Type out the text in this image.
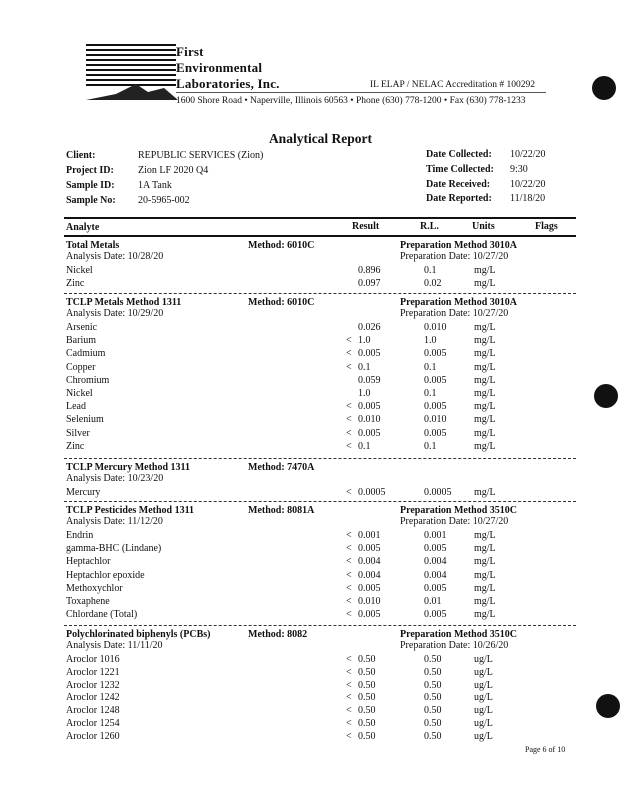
First
Environmental
Laboratories, Inc.	IL ELAP / NELAC Accreditation # 100292
1600 Shore Road • Naperville, Illinois 60563 • Phone (630) 778-1200 • Fax (630) 778-1233
Analytical Report
Client:	REPUBLIC SERVICES (Zion)
Project ID: Zion LF 2020 Q4
Sample ID: 1A Tank
Sample No: 20-5965-002
Date Collected: 10/22/20
Time Collected: 9:30
Date Received: 10/22/20
Date Reported: 11/18/20
Analyte	Result	R.L.	Units	Flags
Total Metals
Analysis Date: 10/28/20
Method: 6010C	Preparation Method 3010A
Preparation Date: 10/27/20
Nickel	0.896	0.1	mg/L
Zinc	0.097	0.02	mg/L
TCLP Metals Method 1311
Analysis Date: 10/29/20
Method: 6010C	Preparation Method 3010A
Preparation Date: 10/27/20
Arsenic	0.026	0.010	mg/L
Barium	< 1.0	1.0	mg/L
Cadmium	< 0.005	0.005	mg/L
Copper	< 0.1	0.1	mg/L
Chromium	0.059	0.005	mg/L
Nickel	1.0	0.1	mg/L
Lead	< 0.005	0.005	mg/L
Selenium	< 0.010	0.010	mg/L
Silver	< 0.005	0.005	mg/L
Zinc	< 0.1	0.1	mg/L
TCLP Mercury Method 1311
Analysis Date: 10/23/20
Method: 7470A
Mercury	< 0.0005	0.0005 mg/L
TCLP Pesticides Method 1311
Analysis Date: 11/12/20
Method: 8081A	Preparation Method 3510C
Preparation Date: 10/27/20
Endrin	< 0.001	0.001	mg/L
gamma-BHC (Lindane)	< 0.005	0.005	mg/L
Heptachlor	< 0.004	0.004	mg/L
Heptachlor epoxide	< 0.004	0.004	mg/L
Methoxychlor	< 0.005	0.005	mg/L
Toxaphene	< 0.010	0.01	mg/L
Chlordane (Total)	< 0.005	0.005	mg/L
Polychlorinated biphenyls (PCBs)
Analysis Date: 11/11/20
Method: 8082	Preparation Method 3510C
Preparation Date: 10/26/20
Aroclor 1016	< 0.50	0.50	ug/L
Aroclor 1221	< 0.50	0.50	ug/L
Aroclor 1232	< 0.50	0.50	ug/L
Aroclor 1242	< 0.50	0.50	ug/L
Aroclor 1248	< 0.50	0.50	ug/L
Aroclor 1254	< 0.50	0.50	ug/L
Aroclor 1260	< 0.50	0.50	ug/L
Page 6 of 10
